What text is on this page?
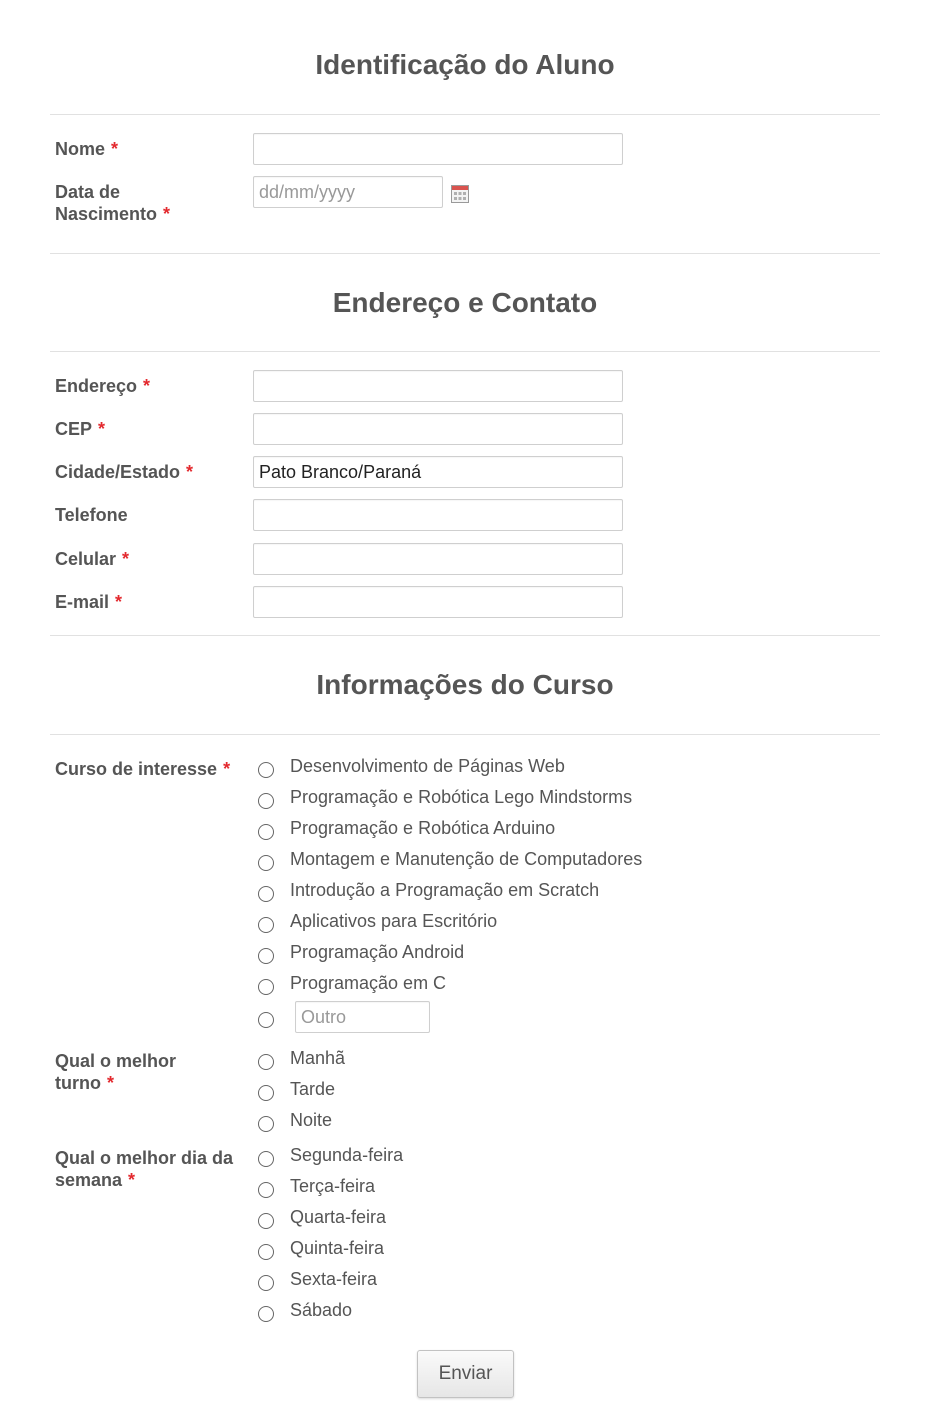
Identificação do Aluno
Nome *
Data de
Nascimento *
dd/mm/yyyy
Endereço e Contato
Endereço *
CEP *
Cidade/Estado *
Pato Branco/Paraná
Telefone
Celular *
E-mail *
Informações do Curso
Curso de interesse *	Desenvolvimento de Páginas Web
Programação e Robótica Lego Mindstorms
Programação e Robótica Arduino
Montagem e Manutenção de Computadores
Introdução a Programação em Scratch
Aplicativos para Escritório
Programação Android
Programação em C
Outro
Qual o melhor
turno *
Manhã
Tarde
Noite
Qual o melhor dia da
semana *
Segunda-feira
Terça-feira
Quarta-feira
Quinta-feira
Sexta-feira
Sábado
Enviar
